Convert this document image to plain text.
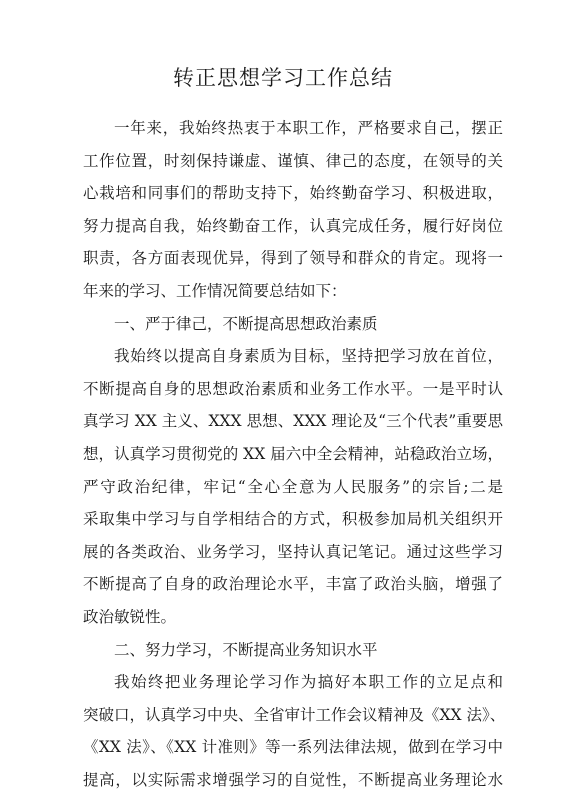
转正思想学习工作总结
一年来，我始终热衷于本职工作，严格要求自己，摆正
工作位置，时刻保持谦虚、谨慎、律己的态度，在领导的关
心栽培和同事们的帮助支持下，始终勤奋学习、积极进取，
努力提高自我，始终勤奋工作，认真完成任务，履行好岗位
职责，各方面表现优异，得到了领导和群众的肯定。现将一
年来的学习、工作情况简要总结如下：
一、严于律己，不断提高思想政治素质
我始终以提高自身素质为目标，坚持把学习放在首位，
不断提高自身的思想政治素质和业务工作水平。一是平时认
真学习 XX 主义、XXX 思想、XXX 理论及“三个代表”重要思
想，认真学习贯彻党的 XX 届六中全会精神，站稳政治立场，
严守政治纪律，牢记“全心全意为人民服务”的宗旨;二是
采取集中学习与自学相结合的方式，积极参加局机关组织开
展的各类政治、业务学习，坚持认真记笔记。通过这些学习
不断提高了自身的政治理论水平，丰富了政治头脑，增强了
政治敏锐性。
二、努力学习，不断提高业务知识水平
我始终把业务理论学习作为搞好本职工作的立足点和
突破口，认真学习中央、全省审计工作会议精神及《XX 法》、
《XX 法》、《XX 计准则》等一系列法律法规，做到在学习中
提高，以实际需求增强学习的自觉性，不断提高业务理论水
